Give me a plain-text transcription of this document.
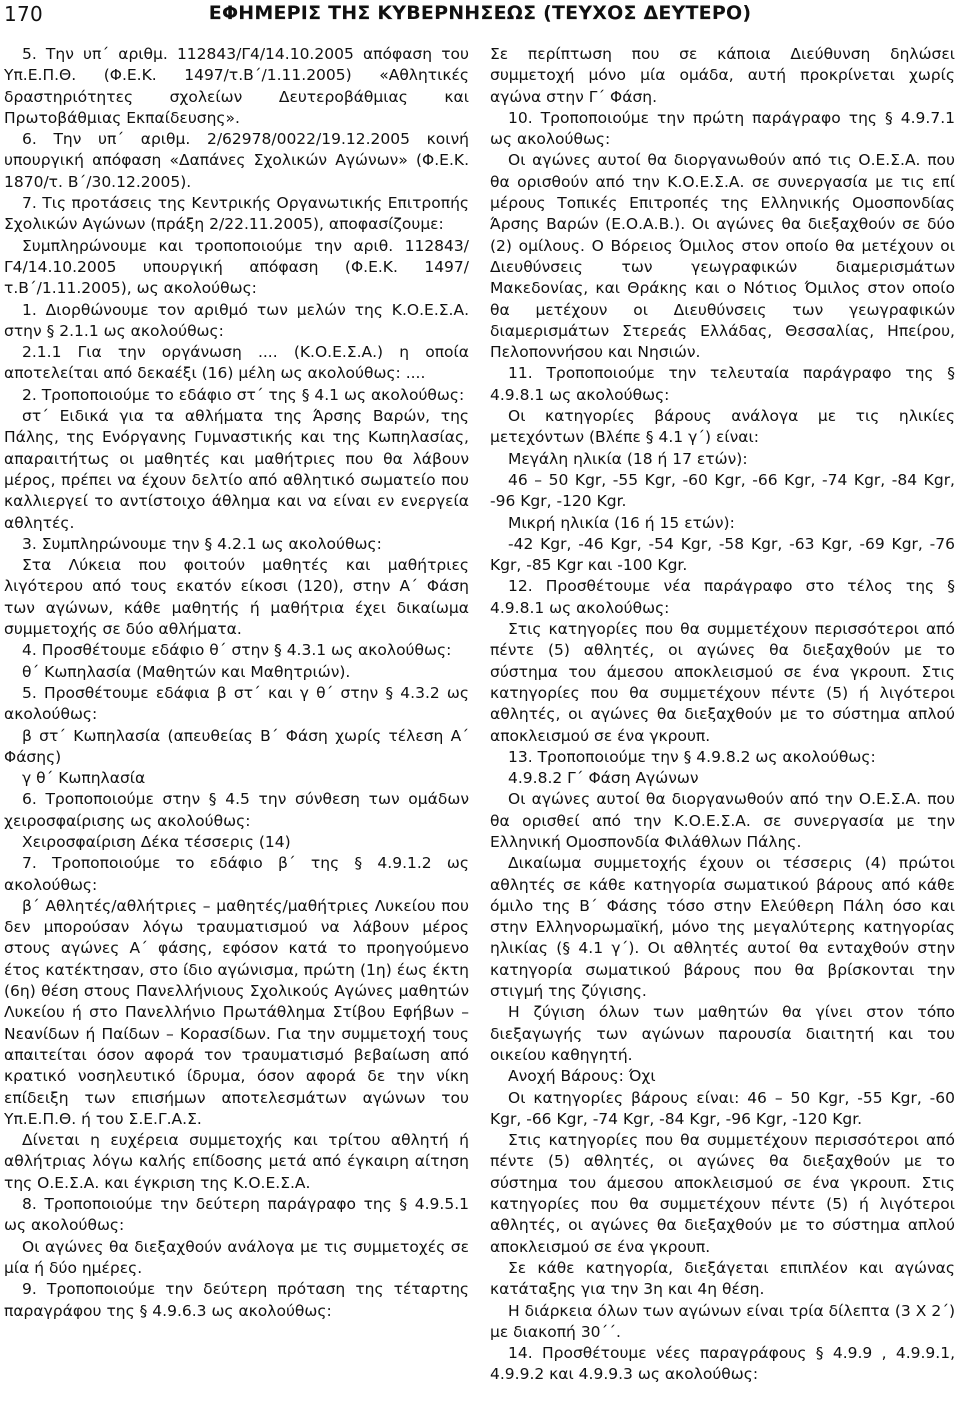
170	ΕΦΗΜΕΡΙΣ ΤΗΣ ΚΥΒΕΡΝΗΣΕΩΣ (ΤΕΥΧΟΣ ΔΕΥΤΕΡΟ)

5. Την υπ΄ αριθμ. 112843/Γ4/14.10.2005 απόφαση του Υπ.Ε.Π.Θ. (Φ.Ε.Κ. 1497/τ.Β΄/1.11.2005) «Αθλητικές δραστηριότητες σχολείων Δευτεροβάθμιας και Πρωτοβάθμιας Εκπαίδευσης».

6. Την υπ΄ αριθμ. 2/62978/0022/19.12.2005 κοινή υπουργική απόφαση «Δαπάνες Σχολικών Αγώνων» (Φ.Ε.Κ. 1870/τ. Β΄/30.12.2005).

7. Τις προτάσεις της Κεντρικής Οργανωτικής Επιτροπής Σχολικών Αγώνων (πράξη 2/22.11.2005), αποφασίζουμε:

Συμπληρώνουμε και τροποποιούμε την αριθ. 112843/Γ4/14.10.2005 υπουργική απόφαση (Φ.Ε.Κ. 1497/τ.Β΄/1.11.2005), ως ακολούθως:

1. Διορθώνουμε τον αριθμό των μελών της Κ.Ο.Ε.Σ.Α. στην § 2.1.1 ως ακολούθως:

2.1.1 Για την οργάνωση .... (Κ.Ο.Ε.Σ.Α.) η οποία αποτελείται από δεκαέξι (16) μέλη ως ακολούθως: ....

2. Τροποποιούμε το εδάφιο στ΄ της § 4.1 ως ακολούθως:

στ΄ Ειδικά για τα αθλήματα της Άρσης Βαρών, της Πάλης, της Ενόργανης Γυμναστικής και της Κωπηλασίας, απαραιτήτως οι μαθητές και μαθήτριες που θα λάβουν μέρος, πρέπει να έχουν δελτίο από αθλητικό σωματείο που καλλιεργεί το αντίστοιχο άθλημα και να είναι εν ενεργεία αθλητές.

3. Συμπληρώνουμε την § 4.2.1 ως ακολούθως:

Στα Λύκεια που φοιτούν μαθητές και μαθήτριες λιγότερου από τους εκατόν είκοσι (120), στην Α΄ Φάση των αγώνων, κάθε μαθητής ή μαθήτρια έχει δικαίωμα συμμετοχής σε δύο αθλήματα.

4. Προσθέτουμε εδάφιο θ΄ στην § 4.3.1 ως ακολούθως:

θ΄ Κωπηλασία (Μαθητών και Μαθητριών).

5. Προσθέτουμε εδάφια β στ΄ και γ θ΄ στην § 4.3.2 ως ακολούθως:

β στ΄ Κωπηλασία (απευθείας Β΄ Φάση χωρίς τέλεση Α΄ Φάσης)

γ θ΄ Κωπηλασία

6. Τροποποιούμε στην § 4.5 την σύνθεση των ομάδων χειροσφαίρισης ως ακολούθως:

Χειροσφαίριση Δέκα τέσσερις (14)

7. Τροποποιούμε το εδάφιο β΄ της § 4.9.1.2 ως ακολούθως:

β΄ Αθλητές/αθλήτριες – μαθητές/μαθήτριες Λυκείου που δεν μπορούσαν λόγω τραυματισμού να λάβουν μέρος στους αγώνες Α΄ φάσης, εφόσον κατά το προηγούμενο έτος κατέκτησαν, στο ίδιο αγώνισμα, πρώτη (1η) έως έκτη (6η) θέση στους Πανελλήνιους Σχολικούς Αγώνες μαθητών Λυκείου ή στο Πανελλήνιο Πρωτάθλημα Στίβου Εφήβων – Νεανίδων ή Παίδων – Κορασίδων. Για την συμμετοχή τους απαιτείται όσον αφορά τον τραυματισμό βεβαίωση από κρατικό νοσηλευτικό ίδρυμα, όσον αφορά δε την νίκη επίδειξη των επισήμων αποτελεσμάτων αγώνων του Υπ.Ε.Π.Θ. ή του Σ.Ε.Γ.Α.Σ.

Δίνεται η ευχέρεια συμμετοχής και τρίτου αθλητή ή αθλήτριας λόγω καλής επίδοσης μετά από έγκαιρη αίτηση της Ο.Ε.Σ.Α. και έγκριση της Κ.Ο.Ε.Σ.Α.

8. Τροποποιούμε την δεύτερη παράγραφο της § 4.9.5.1 ως ακολούθως:

Οι αγώνες θα διεξαχθούν ανάλογα με τις συμμετοχές σε μία ή δύο ημέρες.

9. Τροποποιούμε την δεύτερη πρόταση της τέταρτης παραγράφου της § 4.9.6.3 ως ακολούθως:

Σε περίπτωση που σε κάποια Διεύθυνση δηλώσει συμμετοχή μόνο μία ομάδα, αυτή προκρίνεται χωρίς αγώνα στην Γ΄ Φάση.

10. Τροποποιούμε την πρώτη παράγραφο της § 4.9.7.1 ως ακολούθως:

Οι αγώνες αυτοί θα διοργανωθούν από τις Ο.Ε.Σ.Α. που θα ορισθούν από την Κ.Ο.Ε.Σ.Α. σε συνεργασία με τις επί μέρους Τοπικές Επιτροπές της Ελληνικής Ομοσπονδίας Άρσης Βαρών (Ε.Ο.Α.Β.). Οι αγώνες θα διεξαχθούν σε δύο (2) ομίλους. Ο Βόρειος Όμιλος στον οποίο θα μετέχουν οι Διευθύνσεις των γεωγραφικών διαμερισμάτων Μακεδονίας, και Θράκης και ο Νότιος Όμιλος στον οποίο θα μετέχουν οι Διευθύνσεις των γεωγραφικών διαμερισμάτων Στερεάς Ελλάδας, Θεσσαλίας, Ηπείρου, Πελοποννήσου και Νησιών.

11. Τροποποιούμε την τελευταία παράγραφο της § 4.9.8.1 ως ακολούθως:

Οι κατηγορίες βάρους ανάλογα με τις ηλικίες μετεχόντων (Βλέπε § 4.1 γ΄) είναι:

Μεγάλη ηλικία (18 ή 17 ετών):

46 – 50 Kgr, -55 Kgr, -60 Kgr, -66 Kgr, -74 Kgr, -84 Kgr, -96 Kgr, -120 Kgr.

Μικρή ηλικία (16 ή 15 ετών):

-42 Kgr, -46 Kgr, -54 Kgr, -58 Kgr, -63 Kgr, -69 Kgr, -76 Kgr, -85 Kgr και -100 Kgr.

12. Προσθέτουμε νέα παράγραφο στο τέλος της § 4.9.8.1 ως ακολούθως:

Στις κατηγορίες που θα συμμετέχουν περισσότεροι από πέντε (5) αθλητές, οι αγώνες θα διεξαχθούν με το σύστημα του άμεσου αποκλεισμού σε ένα γκρουπ. Στις κατηγορίες που θα συμμετέχουν πέντε (5) ή λιγότεροι αθλητές, οι αγώνες θα διεξαχθούν με το σύστημα απλού αποκλεισμού σε ένα γκρουπ.

13. Τροποποιούμε την § 4.9.8.2 ως ακολούθως:

4.9.8.2 Γ΄ Φάση Αγώνων

Οι αγώνες αυτοί θα διοργανωθούν από την Ο.Ε.Σ.Α. που θα ορισθεί από την Κ.Ο.Ε.Σ.Α. σε συνεργασία με την Ελληνική Ομοσπονδία Φιλάθλων Πάλης.

Δικαίωμα συμμετοχής έχουν οι τέσσερις (4) πρώτοι αθλητές σε κάθε κατηγορία σωματικού βάρους από κάθε όμιλο της Β΄ Φάσης τόσο στην Ελεύθερη Πάλη όσο και στην Ελληνορωμαϊκή, μόνο της μεγαλύτερης κατηγορίας ηλικίας (§ 4.1 γ΄). Οι αθλητές αυτοί θα ενταχθούν στην κατηγορία σωματικού βάρους που θα βρίσκονται την στιγμή της ζύγισης.

Η ζύγιση όλων των μαθητών θα γίνει στον τόπο διεξαγωγής των αγώνων παρουσία διαιτητή και του οικείου καθηγητή.

Ανοχή Βάρους: Όχι

Οι κατηγορίες βάρους είναι: 46 – 50 Kgr, -55 Kgr, -60 Kgr, -66 Kgr, -74 Kgr, -84 Kgr, -96 Kgr, -120 Kgr.

Στις κατηγορίες που θα συμμετέχουν περισσότεροι από πέντε (5) αθλητές, οι αγώνες θα διεξαχθούν με το σύστημα του άμεσου αποκλεισμού σε ένα γκρουπ. Στις κατηγορίες που θα συμμετέχουν πέντε (5) ή λιγότεροι αθλητές, οι αγώνες θα διεξαχθούν με το σύστημα απλού αποκλεισμού σε ένα γκρουπ.

Σε κάθε κατηγορία, διεξάγεται επιπλέον και αγώνας κατάταξης για την 3η και 4η θέση.

Η διάρκεια όλων των αγώνων είναι τρία δίλεπτα (3 Χ 2΄) με διακοπή 30΄΄.

14. Προσθέτουμε νέες παραγράφους § 4.9.9 , 4.9.9.1, 4.9.9.2 και 4.9.9.3 ως ακολούθως:
